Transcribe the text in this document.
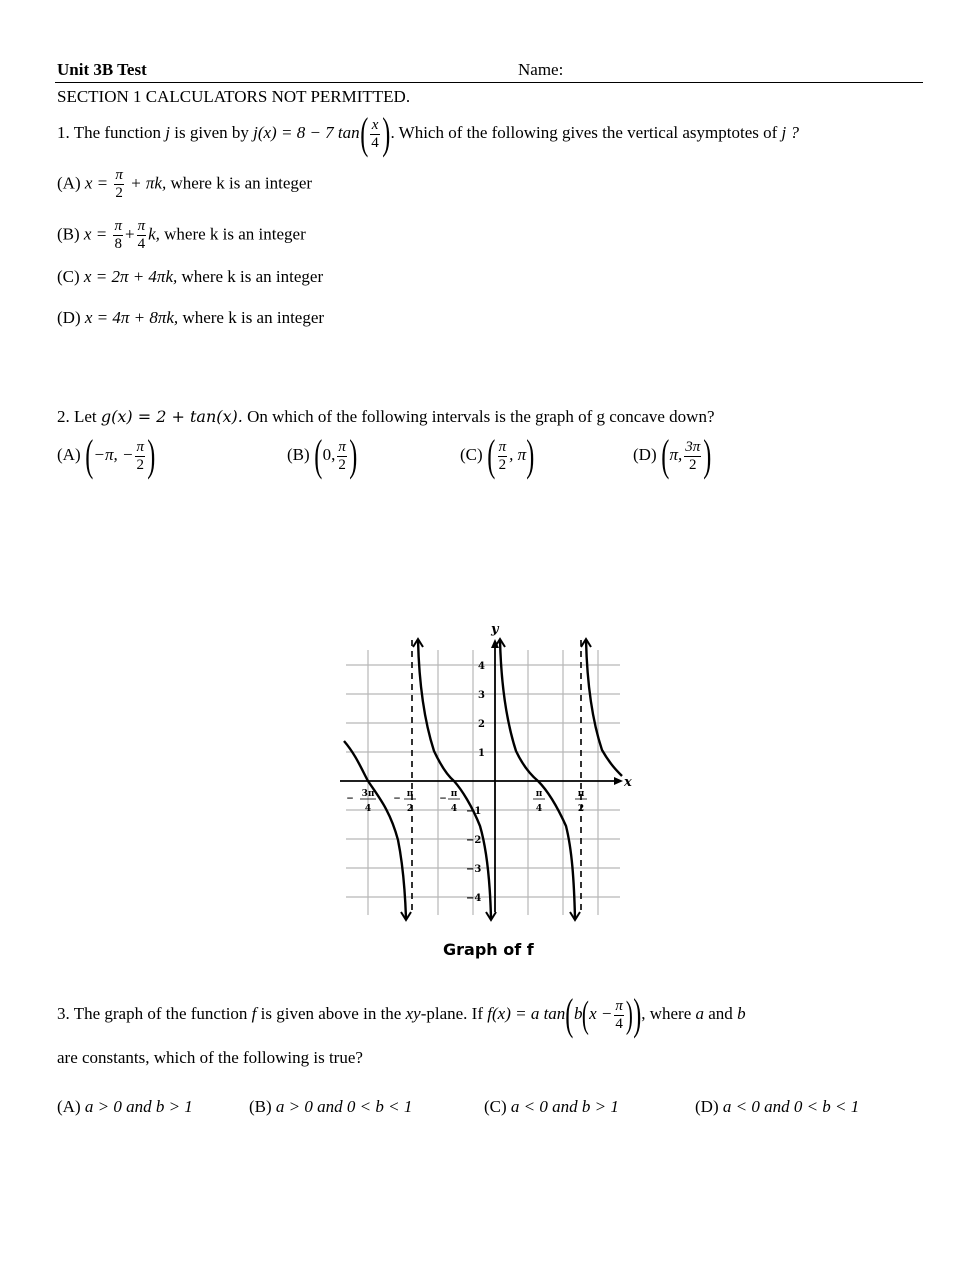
Unit 3B Test	Name:
SECTION 1 CALCULATORS NOT PERMITTED.
1. The function j is given by j(x) = 8 − 7 $\tan( \frac{x}{4}$ ). Which of the following gives the vertical asymptotes of j ?
(A) $x = \frac{\pi}{2} + \pi k$, where k is an integer
(B) $x = \frac{\pi}{8} + \frac{\pi}{4} k$, where k is an integer
(C) x = 2π + 4πk, where k is an integer
(D) x = 4π + 8πk, where k is an integer
2. Let g(x) = 2 + tan(x). On which of the following intervals is the graph of g concave down?
(A) (−π, − $\frac{\pi}{2}$ )	(B) (0, $\frac{\pi}{2}$ )	(C) ( $\frac{\pi}{2}$ , π)	(D) (π, $\frac{3\pi}{2}$ )
y
x
4
3
2
1
−1
−2
−3
−4
− 3π
4
− π
2
− π
4
π
4
π
2
Graph of f
3. The graph of the function f is given above in the xy-plane. If f(x) = a $\tan(b(x - \frac{\pi}{4}$ )), where a and b
are constants, which of the following is true?
(A) a > 0 and b > 1	(B) a > 0 and 0 < b < 1	(C) a < 0 and b > 1	(D) a < 0 and 0 < b < 1
